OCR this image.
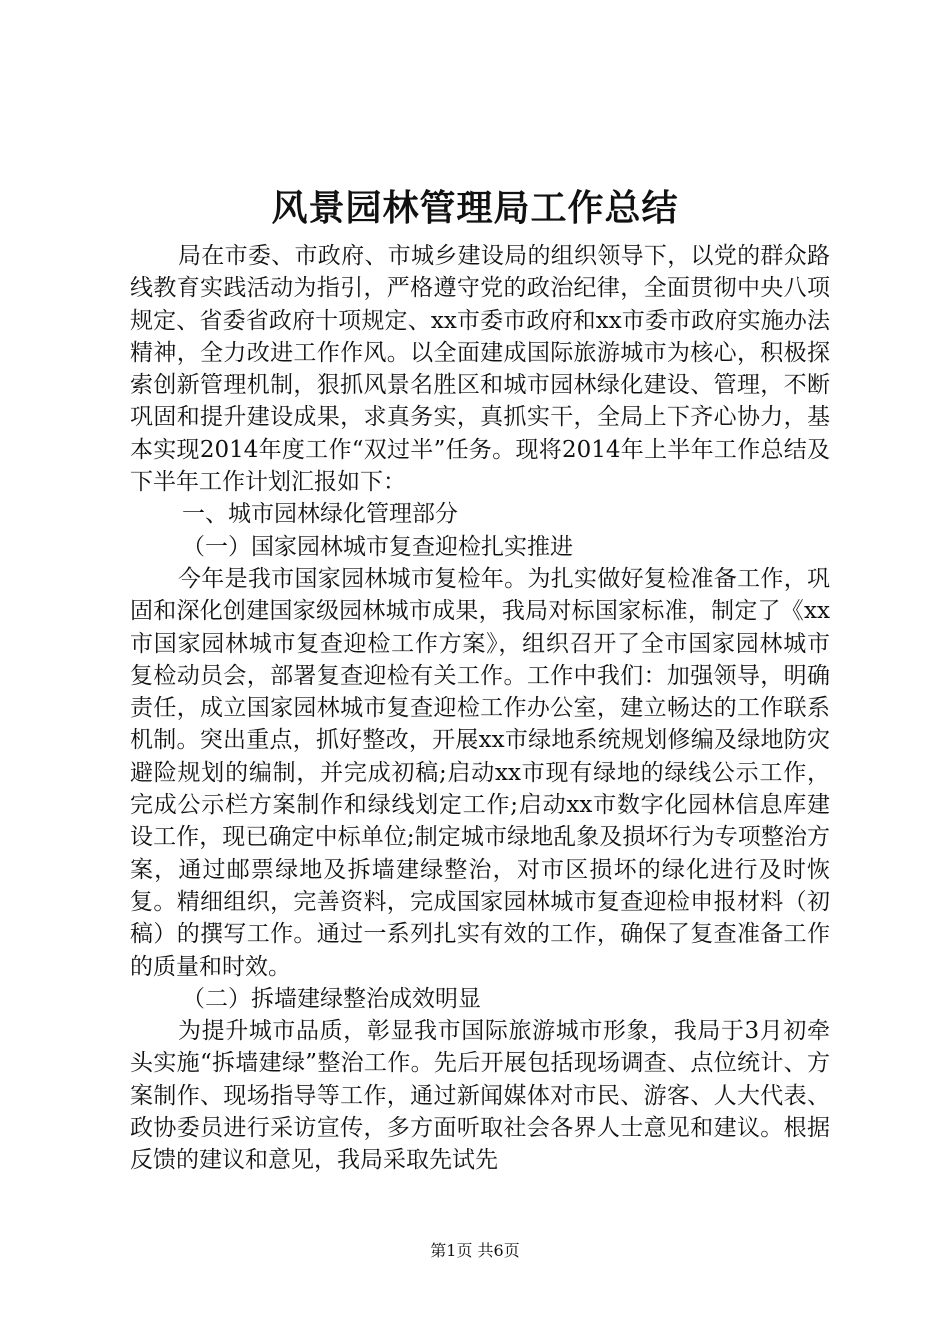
风景园林管理局工作总结

局在市委、市政府、市城乡建设局的组织领导下，以党的群众路线教育实践活动为指引，严格遵守党的政治纪律，全面贯彻中央八项规定、省委省政府十项规定、xx市委市政府和xx市委市政府实施办法精神，全力改进工作作风。以全面建成国际旅游城市为核心，积极探索创新管理机制，狠抓风景名胜区和城市园林绿化建设、管理，不断巩固和提升建设成果，求真务实，真抓实干，全局上下齐心协力，基本实现2014年度工作“双过半”任务。现将2014年上半年工作总结及下半年工作计划汇报如下：

一、城市园林绿化管理部分

（一）国家园林城市复查迎检扎实推进

今年是我市国家园林城市复检年。为扎实做好复检准备工作，巩固和深化创建国家级园林城市成果，我局对标国家标准，制定了《xx市国家园林城市复查迎检工作方案》，组织召开了全市国家园林城市复检动员会，部署复查迎检有关工作。工作中我们：加强领导，明确责任，成立国家园林城市复查迎检工作办公室，建立畅达的工作联系机制。突出重点，抓好整改，开展xx市绿地系统规划修编及绿地防灾避险规划的编制，并完成初稿;启动xx市现有绿地的绿线公示工作，完成公示栏方案制作和绿线划定工作;启动xx市数字化园林信息库建设工作，现已确定中标单位;制定城市绿地乱象及损坏行为专项整治方案，通过邮票绿地及拆墙建绿整治，对市区损坏的绿化进行及时恢复。精细组织，完善资料，完成国家园林城市复查迎检申报材料（初稿）的撰写工作。通过一系列扎实有效的工作，确保了复查准备工作的质量和时效。

（二）拆墙建绿整治成效明显

为提升城市品质，彰显我市国际旅游城市形象，我局于3月初牵头实施“拆墙建绿”整治工作。先后开展包括现场调查、点位统计、方案制作、现场指导等工作，通过新闻媒体对市民、游客、人大代表、政协委员进行采访宣传，多方面听取社会各界人士意见和建议。根据反馈的建议和意见，我局采取先试先

第1页 共6页
